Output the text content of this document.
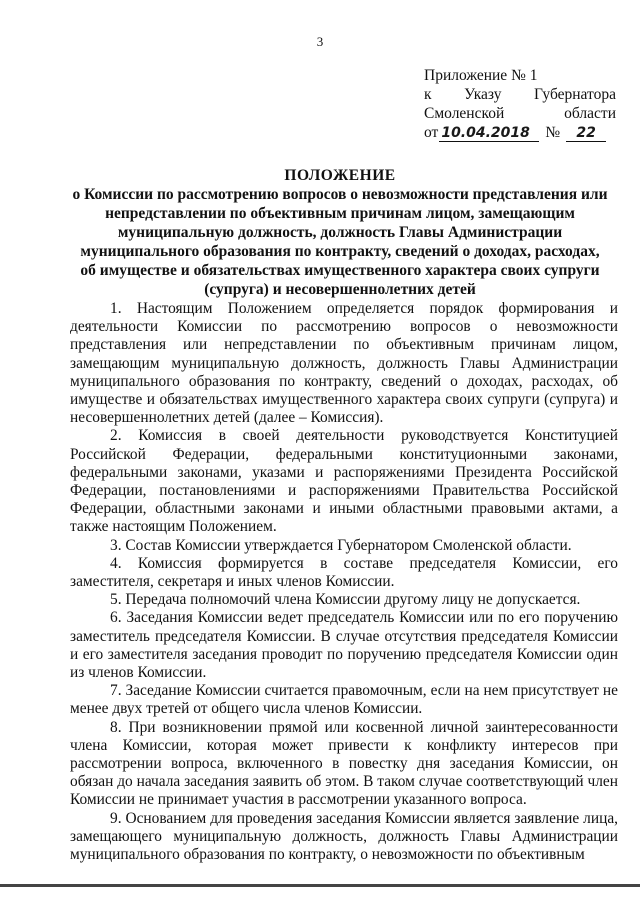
3
Приложение № 1
к Указу Губернатора
Смоленской	области
от 10.04.2018 №	22
ПОЛОЖЕНИЕ
о Комиссии по рассмотрению вопросов о невозможности представления или
непредставлении по объективным причинам лицом, замещающим
муниципальную должность, должность Главы Администрации
муниципального образования по контракту, сведений о доходах, расходах,
об имуществе и обязательствах имущественного характера своих супруги
(супруга) и несовершеннолетних детей

1. Настоящим Положением определяется порядок формирования и деятельности Комиссии по рассмотрению вопросов о невозможности представления или непредставлении по объективным причинам лицом, замещающим муниципальную должность, должность Главы Администрации муниципального образования по контракту, сведений о доходах, расходах, об имуществе и обязательствах имущественного характера своих супруги (супруга) и несовершеннолетних детей (далее – Комиссия).

2. Комиссия в своей деятельности руководствуется Конституцией Российской Федерации, федеральными конституционными законами, федеральными законами, указами и распоряжениями Президента Российской Федерации, постановлениями и распоряжениями Правительства Российской Федерации, областными законами и иными областными правовыми актами, а также настоящим Положением.

3. Состав Комиссии утверждается Губернатором Смоленской области.

4. Комиссия формируется в составе председателя Комиссии, его заместителя, секретаря и иных членов Комиссии.

5. Передача полномочий члена Комиссии другому лицу не допускается.

6. Заседания Комиссии ведет председатель Комиссии или по его поручению заместитель председателя Комиссии. В случае отсутствия председателя Комиссии и его заместителя заседания проводит по поручению председателя Комиссии один из членов Комиссии.

7. Заседание Комиссии считается правомочным, если на нем присутствует не менее двух третей от общего числа членов Комиссии.

8. При возникновении прямой или косвенной личной заинтересованности члена Комиссии, которая может привести к конфликту интересов при рассмотрении вопроса, включенного в повестку дня заседания Комиссии, он обязан до начала заседания заявить об этом. В таком случае соответствующий член Комиссии не принимает участия в рассмотрении указанного вопроса.

9. Основанием для проведения заседания Комиссии является заявление лица, замещающего муниципальную должность, должность Главы Администрации муниципального образования по контракту, о невозможности по объективным
